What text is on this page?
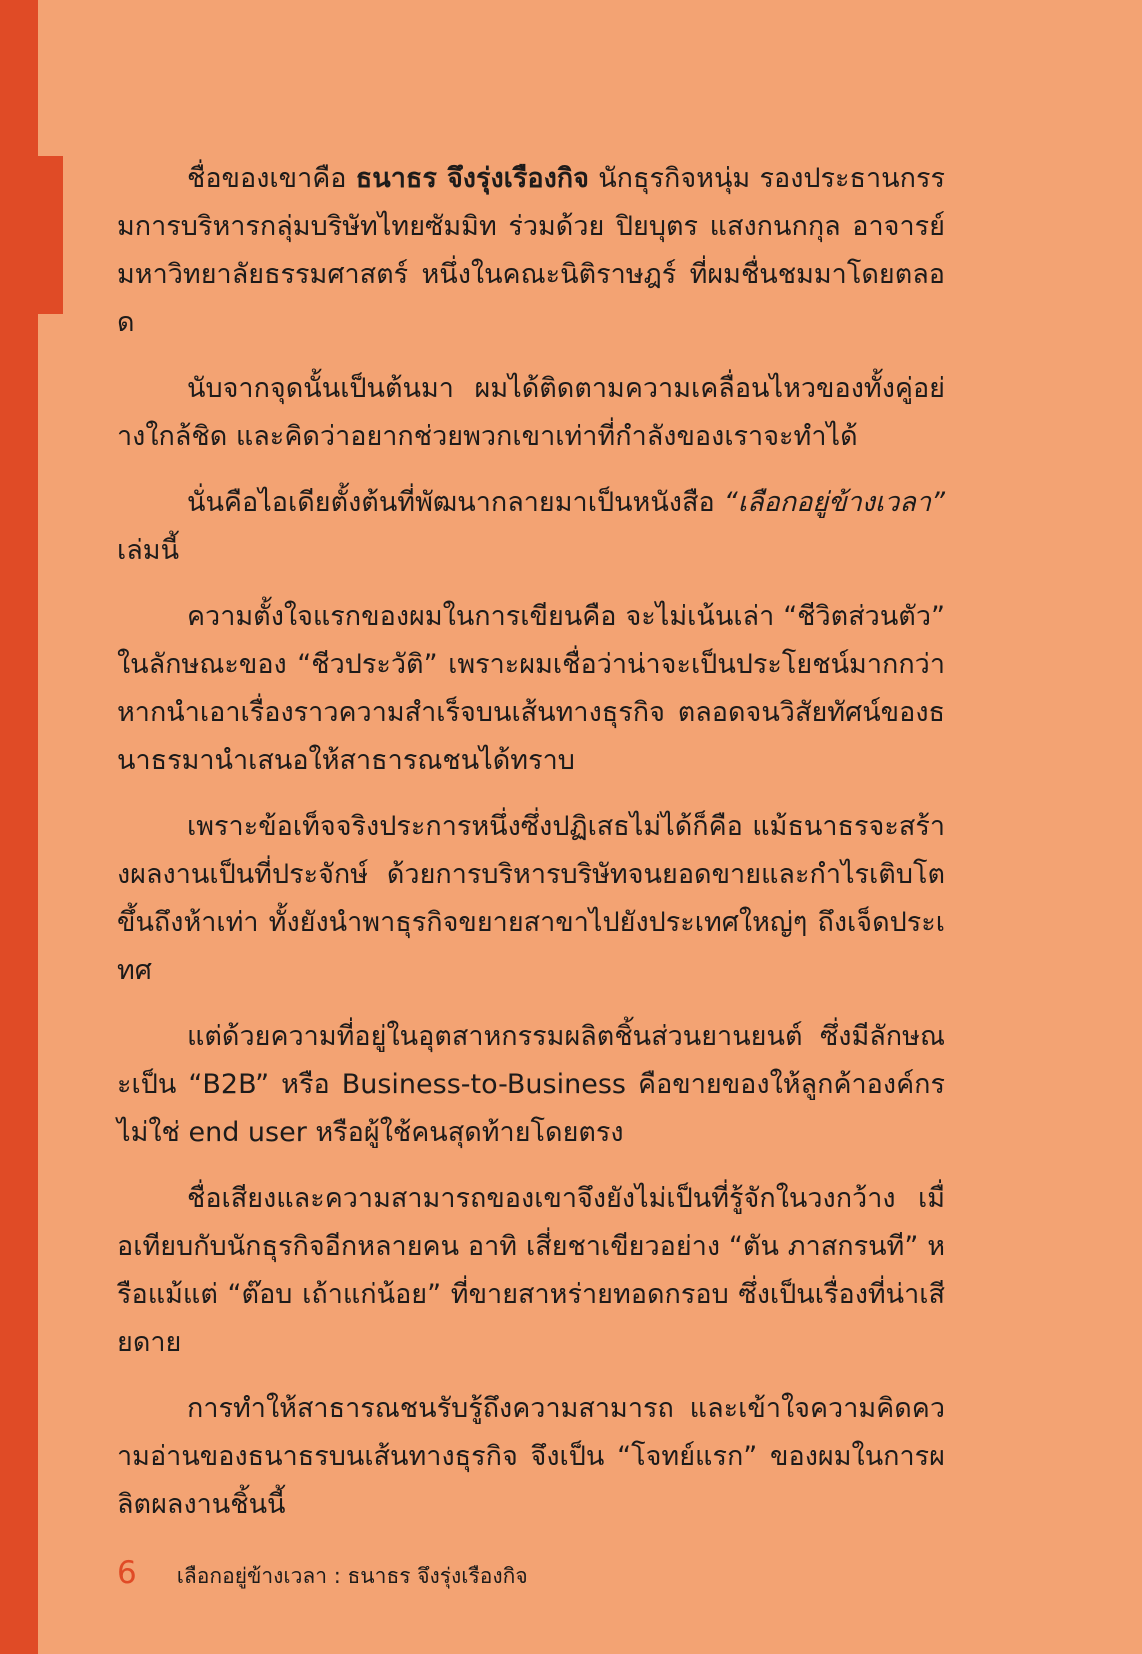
ชื่อของเขาคือ ธนาธร จึงรุ่งเรืองกิจ นักธุรกิจหนุ่ม รองประธานกรรมการบริหารกลุ่มบริษัทไทยซัมมิท ร่วมด้วย ปิยบุตร แสงกนกกุล อาจารย์มหาวิทยาลัยธรรมศาสตร์ หนึ่งในคณะนิติราษฎร์ ที่ผมชื่นชมมาโดยตลอด

นับจากจุดนั้นเป็นต้นมา ผมได้ติดตามความเคลื่อนไหวของทั้งคู่อย่างใกล้ชิด และคิดว่าอยากช่วยพวกเขาเท่าที่กำลังของเราจะทำได้

นั่นคือไอเดียตั้งต้นที่พัฒนากลายมาเป็นหนังสือ “เลือกอยู่ข้างเวลา” เล่มนี้

ความตั้งใจแรกของผมในการเขียนคือ จะไม่เน้นเล่า “ชีวิตส่วนตัว” ในลักษณะของ “ชีวประวัติ” เพราะผมเชื่อว่าน่าจะเป็นประโยชน์มากกว่า หากนำเอาเรื่องราวความสำเร็จบนเส้นทางธุรกิจ ตลอดจนวิสัยทัศน์ของธนาธรมานำเสนอให้สาธารณชนได้ทราบ

เพราะข้อเท็จจริงประการหนึ่งซึ่งปฏิเสธไม่ได้ก็คือ แม้ธนาธรจะสร้างผลงานเป็นที่ประจักษ์ ด้วยการบริหารบริษัทจนยอดขายและกำไรเติบโตขึ้นถึงห้าเท่า ทั้งยังนำพาธุรกิจขยายสาขาไปยังประเทศใหญ่ๆ ถึงเจ็ดประเทศ

แต่ด้วยความที่อยู่ในอุตสาหกรรมผลิตชิ้นส่วนยานยนต์ ซึ่งมีลักษณะเป็น “B2B” หรือ Business-to-Business คือขายของให้ลูกค้าองค์กร ไม่ใช่ end user หรือผู้ใช้คนสุดท้ายโดยตรง

ชื่อเสียงและความสามารถของเขาจึงยังไม่เป็นที่รู้จักในวงกว้าง เมื่อเทียบกับนักธุรกิจอีกหลายคน อาทิ เสี่ยชาเขียวอย่าง “ตัน ภาสกรนที” หรือแม้แต่ “ต๊อบ เถ้าแก่น้อย” ที่ขายสาหร่ายทอดกรอบ ซึ่งเป็นเรื่องที่น่าเสียดาย

การทำให้สาธารณชนรับรู้ถึงความสามารถ และเข้าใจความคิดความอ่านของธนาธรบนเส้นทางธุรกิจ จึงเป็น “โจทย์แรก” ของผมในการผลิตผลงานชิ้นนี้

6 เลือกอยู่ข้างเวลา : ธนาธร จึงรุ่งเรืองกิจ
